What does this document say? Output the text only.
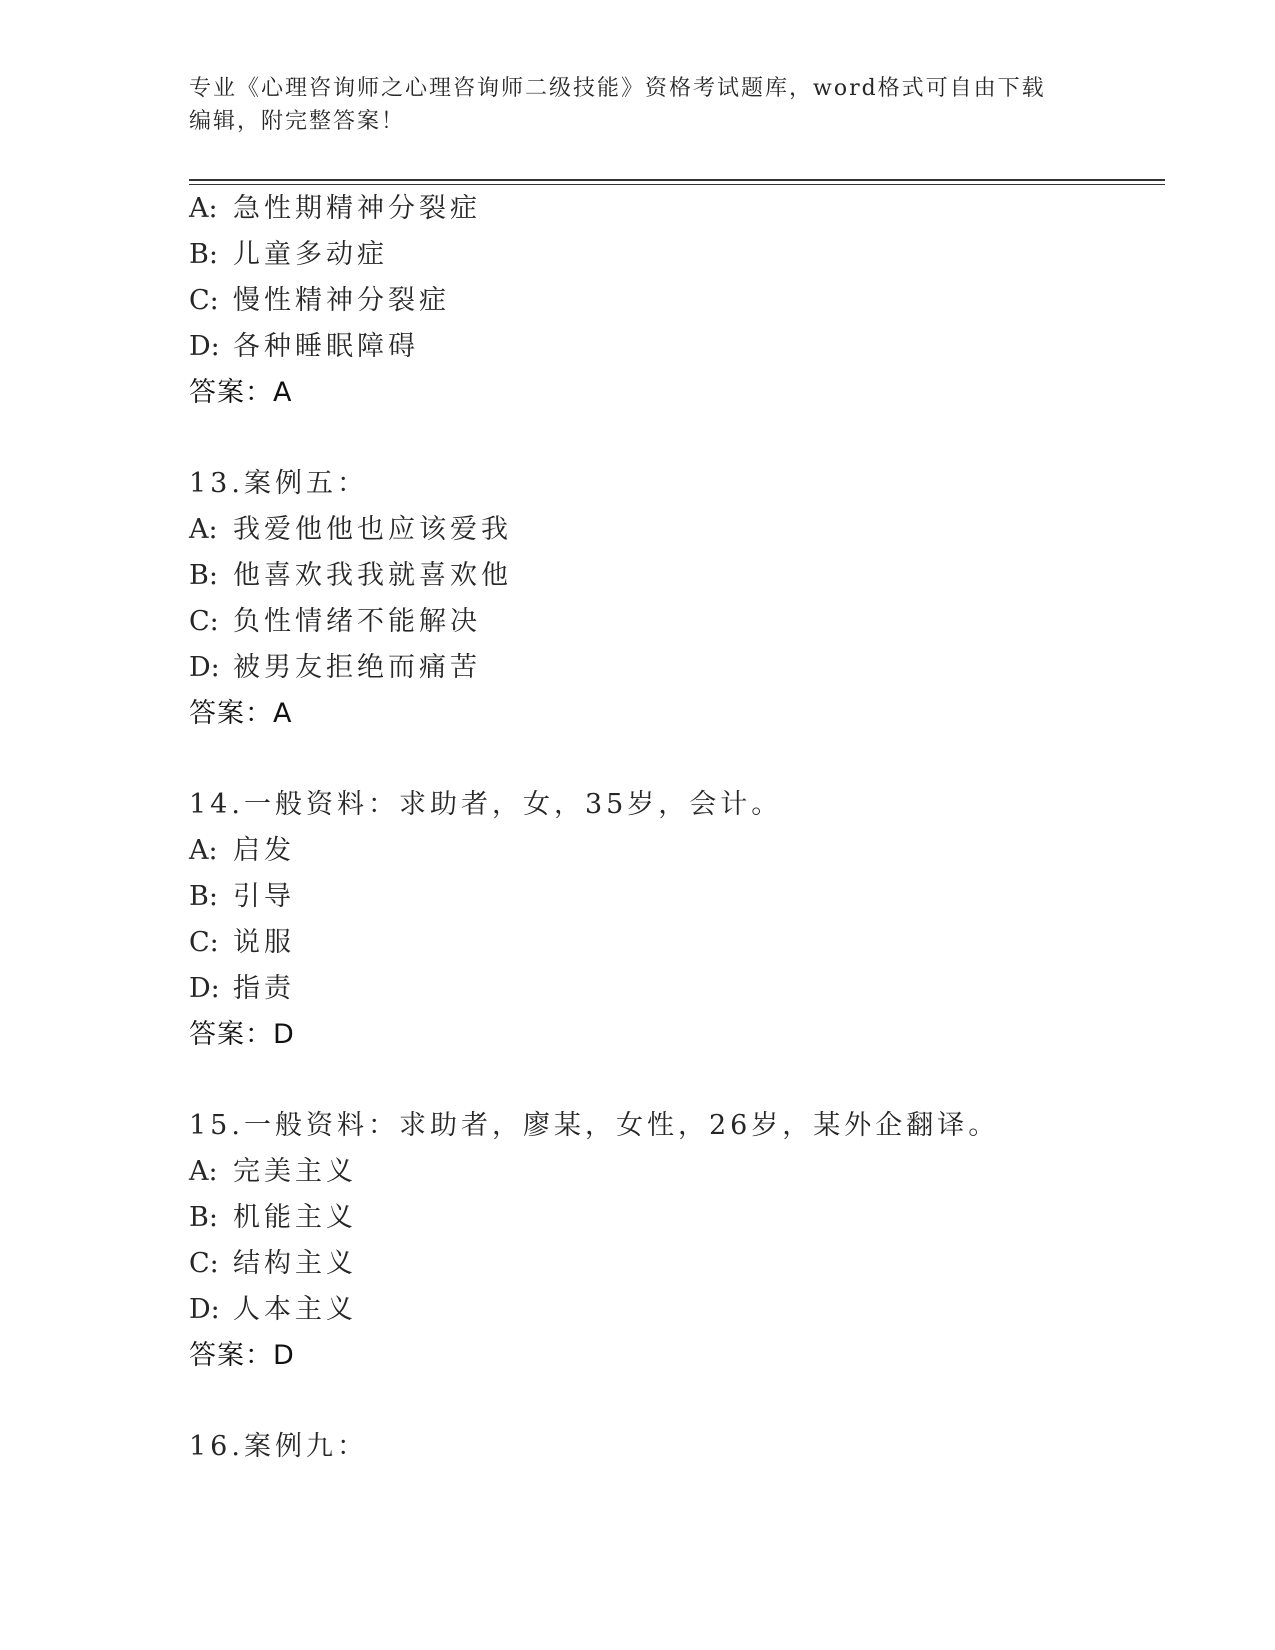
专业《心理咨询师之心理咨询师二级技能》资格考试题库，word格式可自由下载
编辑，附完整答案！
A: 急性期精神分裂症
B: 儿童多动症
C: 慢性精神分裂症
D: 各种睡眠障碍
答案：A
13.案例五：
A: 我爱他他也应该爱我
B: 他喜欢我我就喜欢他
C: 负性情绪不能解决
D: 被男友拒绝而痛苦
答案：A
14.一般资料：求助者，女，35岁，会计。
A: 启发
B: 引导
C: 说服
D: 指责
答案：D
15.一般资料：求助者，廖某，女性，26岁，某外企翻译。
A: 完美主义
B: 机能主义
C: 结构主义
D: 人本主义
答案：D
16.案例九：
